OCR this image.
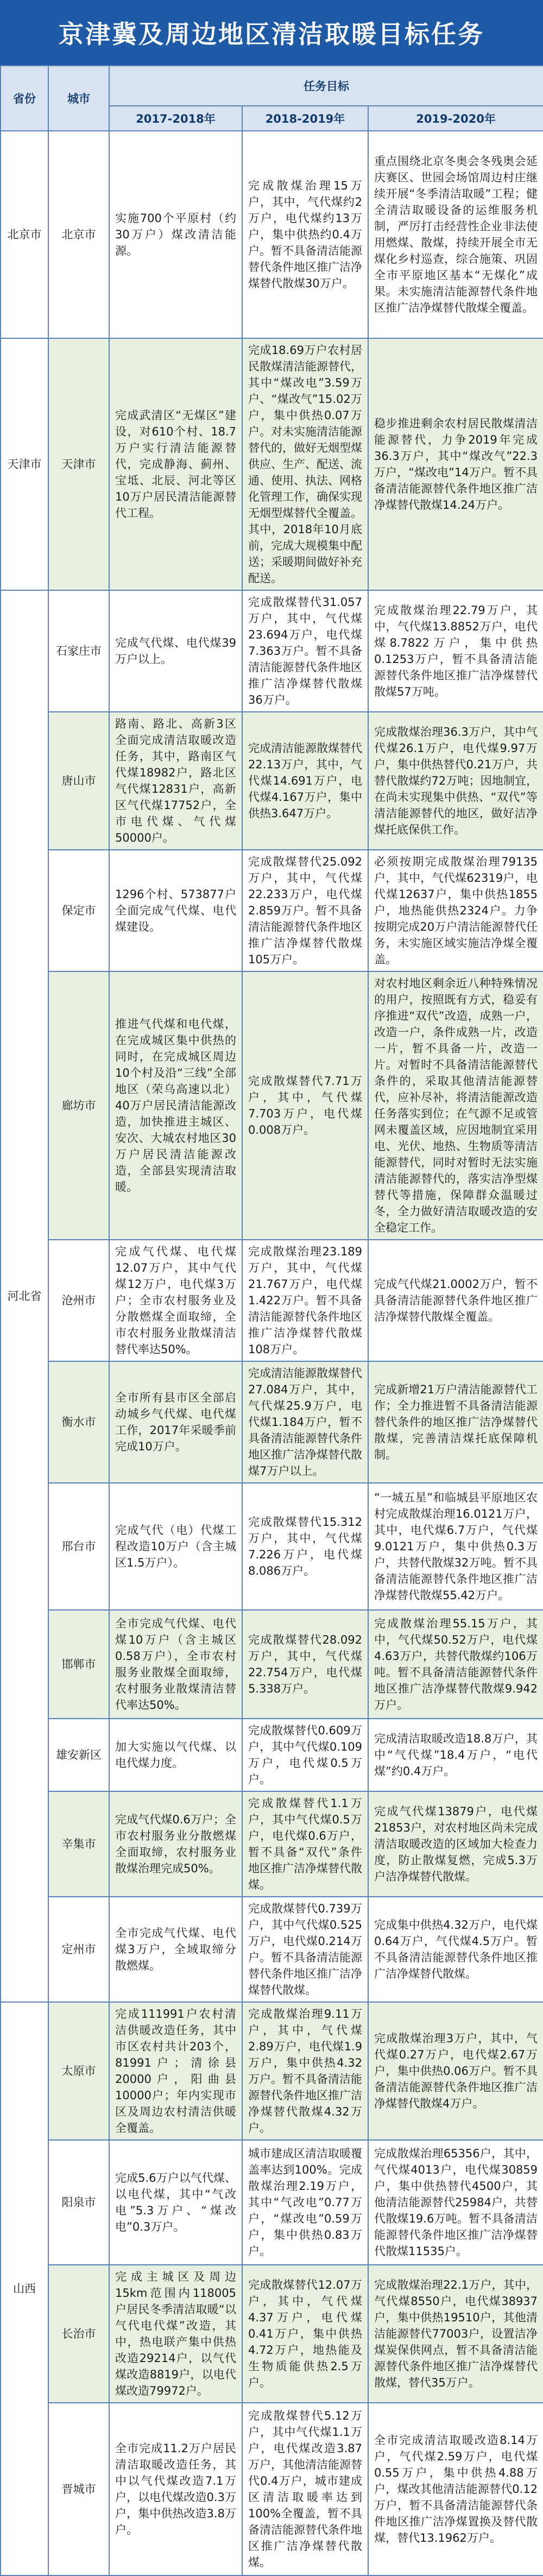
京津冀及周边地区清洁取暖目标任务
省份	城市	任务目标		
		2017-2018年	2018-2019年	2019-2020年
北京市	北京市	实施700个平原村（约30万户）煤改清洁能源。	完成散煤治理15万户，其中，气代煤约2万户，电代煤约13万户，集中供热约0.4万户。暂不具备清洁能源替代条件地区推广洁净煤替代散煤30万户。	重点围绕北京冬奥会冬残奥会延庆赛区、世园会场馆周边村庄继续开展“冬季清洁取暖”工程；健全清洁取暖设备的运维服务机制，严厉打击经营性企业非法使用燃煤、散煤，持续开展全市无煤化乡村巡查，综合施策、巩固全市平原地区基本“无煤化”成果。未实施清洁能源替代条件地区推广洁净煤替代散煤全覆盖。
天津市	天津市	完成武清区“无煤区”建设，对610个村、18.7万户实行清洁能源替代，完成静海、蓟州、宝坻、北辰、河北等区10万户居民清洁能源替代工程。	完成18.69万户农村居民散煤清洁能源替代，其中“煤改电”3.59万户、“煤改气”15.02万户，集中供热0.07万户。对未实施清洁能源替代的，做好无烟型煤供应、生产、配送、流通、使用、执法、网格化管理工作，确保实现无烟型煤替代全覆盖。其中，2018年10月底前，完成大规模集中配送；采暖期间做好补充配送。	稳步推进剩余农村居民散煤清洁能源替代，力争2019年完成36.3万户，其中“煤改气”22.3万户，“煤改电”14万户。暂不具备清洁能源替代条件地区推广洁净煤替代散煤14.24万户。
河北省	石家庄市	完成气代煤、电代煤39万户以上。	完成散煤替代31.057万户，其中，气代煤23.694万户，电代煤7.363万户。暂不具备清洁能源替代条件地区推广洁净煤替代散煤36万户。	完成散煤治理22.79万户，其中，气代煤13.8852万户，电代煤8.7822万户，集中供热0.1253万户，暂不具备清洁能源替代条件地区推广洁净煤替代散煤57万吨。
	唐山市	路南、路北、高新3区全面完成清洁取暖改造任务，其中，路南区气代煤18982户，路北区气代煤12831户，高新区气代煤17752户，全市电代煤、气代煤50000户。	完成清洁能源散煤替代22.13万户，其中，气代煤14.691万户，电代煤4.167万户，集中供热3.647万户。	完成散煤治理36.3万户，其中气代煤26.1万户，电代煤9.97万户，集中供热替代0.21万户，共替代散煤约72万吨；因地制宜，在尚未实现集中供热、“双代”等清洁能源替代的地区，做好洁净煤托底保供工作。
	保定市	1296个村、573877户全面完成气代煤、电代煤建设。	完成散煤替代25.092万户，其中，气代煤22.233万户，电代煤2.859万户。暂不具备清洁能源替代条件地区推广洁净煤替代散煤105万户。	必须按期完成散煤治理79135户，其中，气代煤62319户，电代煤12637户，集中供热1855户，地热能供热2324户。力争按期完成20万户清洁能源替代任务，未实施区域实施洁净煤全覆盖。
	廊坊市	推进气代煤和电代煤，在完成城区集中供热的同时，在完成城区周边10个村及沿“三线”全部地区（荣乌高速以北）40万户居民清洁能源改造，加快推进主城区、安次、大城农村地区30万户居民清洁能源改造，全部县实现清洁取暖。	完成散煤替代7.71万户，其中，气代煤7.703万户，电代煤0.008万户。	对农村地区剩余近八种特殊情况的用户，按照既有方式，稳妥有序推进“双代”改造，成熟一户，改造一户，条件成熟一片，改造一片，暂不具备一片，改造一片。对暂时不具备清洁能源替代条件的，采取其他清洁能源替代，应补尽补，将清洁能源改造任务落实到位；在气源不足或管网未覆盖区域，应因地制宜采用电、光伏、地热、生物质等清洁能源替代，同时对暂时无法实施清洁能源替代的，落实洁净型煤替代等措施，保障群众温暖过冬，全力做好清洁取暖改造的安全稳定工作。
	沧州市	完成气代煤、电代煤12.07万户，其中气代煤12万户，电代煤3万户；全市农村服务业及分散燃煤全面取缔，全市农村服务业散煤清洁替代率达50%。	完成散煤治理23.189万户，其中，气代煤21.767万户，电代煤1.422万户。暂不具备清洁能源替代条件地区推广洁净煤替代散煤108万户。	完成气代煤21.0002万户，暂不具备清洁能源替代条件地区推广洁净煤替代散煤全覆盖。
	衡水市	全市所有县市区全部启动城乡气代煤、电代煤工作，2017年采暖季前完成10万户。	完成清洁能源散煤替代27.084万户，其中，气代煤25.9万户，电代煤1.184万户，暂不具备清洁能源替代条件地区推广洁净煤替代散煤7万户以上。	完成新增21万户清洁能源替代工作；全力推进暂不具备清洁能源替代条件的地区推广洁净煤替代散煤，完善清洁煤托底保障机制。
	邢台市	完成气代（电）代煤工程改造10万户（含主城区1.5万户）。	完成散煤替代15.312万户，其中，气代煤7.226万户，电代煤8.086万户。	“一城五星”和临城县平原地区农村完成散煤治理16.0121万户，其中，电代煤6.7万户，气代煤9.0121万户，集中供热0.3万户，共替代散煤32万吨。暂不具备清洁能源替代条件地区推广洁净煤替代散煤55.42万户。
	邯郸市	全市完成气代煤、电代煤10万户（含主城区0.58万户），全市农村服务业散煤全面取缔，农村服务业散煤清洁替代率达50%。	完成散煤替代28.092万户，其中，气代煤22.754万户，电代煤5.338万户。	完成散煤治理55.15万户，其中，气代煤50.52万户，电代煤4.63万户，共替代散煤约106万吨。暂不具备清洁能源替代条件地区推广洁净煤替代散煤9.942万户。
	雄安新区	加大实施以气代煤、以电代煤力度。	完成散煤替代0.609万户，其中气代煤0.109万户，电代煤0.5万户。	完成清洁取暖改造18.8万户，其中“气代煤”18.4万户，“电代煤”约0.4万户。
	辛集市	完成气代煤0.6万户；全市农村服务业分散燃煤全面取缔，农村服务业散煤治理完成50%。	完成散煤替代1.1万户，其中气代煤0.5万户，电代煤0.6万户，暂不具备“双代”条件地区推广洁净煤替代散煤。	完成气代煤13879户，电代煤21853户，对农村地区尚未完成清洁取暖改造的区域加大检查力度，防止散煤复燃，完成5.3万户洁净煤替代散煤。
	定州市	全市完成气代煤、电代煤3万户，全域取缔分散燃煤。	完成散煤替代0.739万户，其中气代煤0.525万户，电代煤0.214万户。暂不具备清洁能源替代条件地区推广洁净煤替代散煤。	完成集中供热4.32万户，电代煤0.64万户，气代煤4.5万户。暂不具备清洁能源替代条件地区推广洁净煤替代散煤。
山西	太原市	完成111991户农村清洁供暖改造任务，其中市区农村共计203个，81991户；清徐县20000户，阳曲县10000户；年内实现市区及周边农村清洁供暖全覆盖。	完成散煤治理9.11万户，其中，气代煤2.89万户，电代煤1.9万户，集中供热4.32万户。暂不具备清洁能源替代条件地区推广洁净煤替代散煤4.32万户。	完成散煤治理3万户，其中，气代煤0.27万户，电代煤2.67万户，集中供热0.06万户。暂不具备清洁能源替代条件地区推广洁净煤替代散煤4万户。
	阳泉市	完成5.6万户以气代煤、以电代煤，其中“气改电”5.3万户、“煤改电”0.3万户。	城市建成区清洁取暖覆盖率达到100%。完成散煤治理2.19万户，其中“气改电”0.77万户，“煤改电”0.59万户，集中供热0.83万户。	完成散煤治理65356户，其中，气代煤4013户，电代煤30859户，集中供热替代4500户，其他清洁能源替代25984户，共替代散煤19.6万吨。暂不具备清洁能源替代条件地区推广洁净煤替代散煤11535户。
	长治市	完成主城区及周边15km范围内118005户居民冬季清洁取暖“以气代电代煤”改造，其中，热电联产集中供热改造29214户，以气代煤改造8819户，以电代煤改造79972户。	完成散煤替代12.07万户，其中，气代煤4.37万户，电代煤0.41万户，集中供热4.72万户，地热能及生物质能供热2.5万户。	完成散煤治理22.1万户，其中，气代煤8550户，电代煤38937户，集中供热19510户，其他清洁能源替代77003户，设置洁净煤炭保供网点，暂不具备清洁能源替代条件地区推广洁净煤替代散煤，替代35万户。
	晋城市	全市完成11.2万户居民清洁取暖改造任务，其中以气代煤改造7.1万户，以电代煤改造0.3万户，集中供热改造3.8万户。	完成散煤替代5.12万户，其中气代煤1.1万户，电代煤改造3.87万户，其他清洁能源替代0.4万户，城市建成区清洁取暖率达到100%全覆盖，暂不具备清洁能源替代条件地区推广洁净煤替代散煤。	全市完成清洁取暖改造8.14万户，气代煤2.59万户，电代煤0.55万户，集中供热4.88万户，煤改其他清洁能源替代0.12万户，暂不具备清洁能源替代条件地区推广洁净煤置换及替代散煤，替代13.1962万户。
